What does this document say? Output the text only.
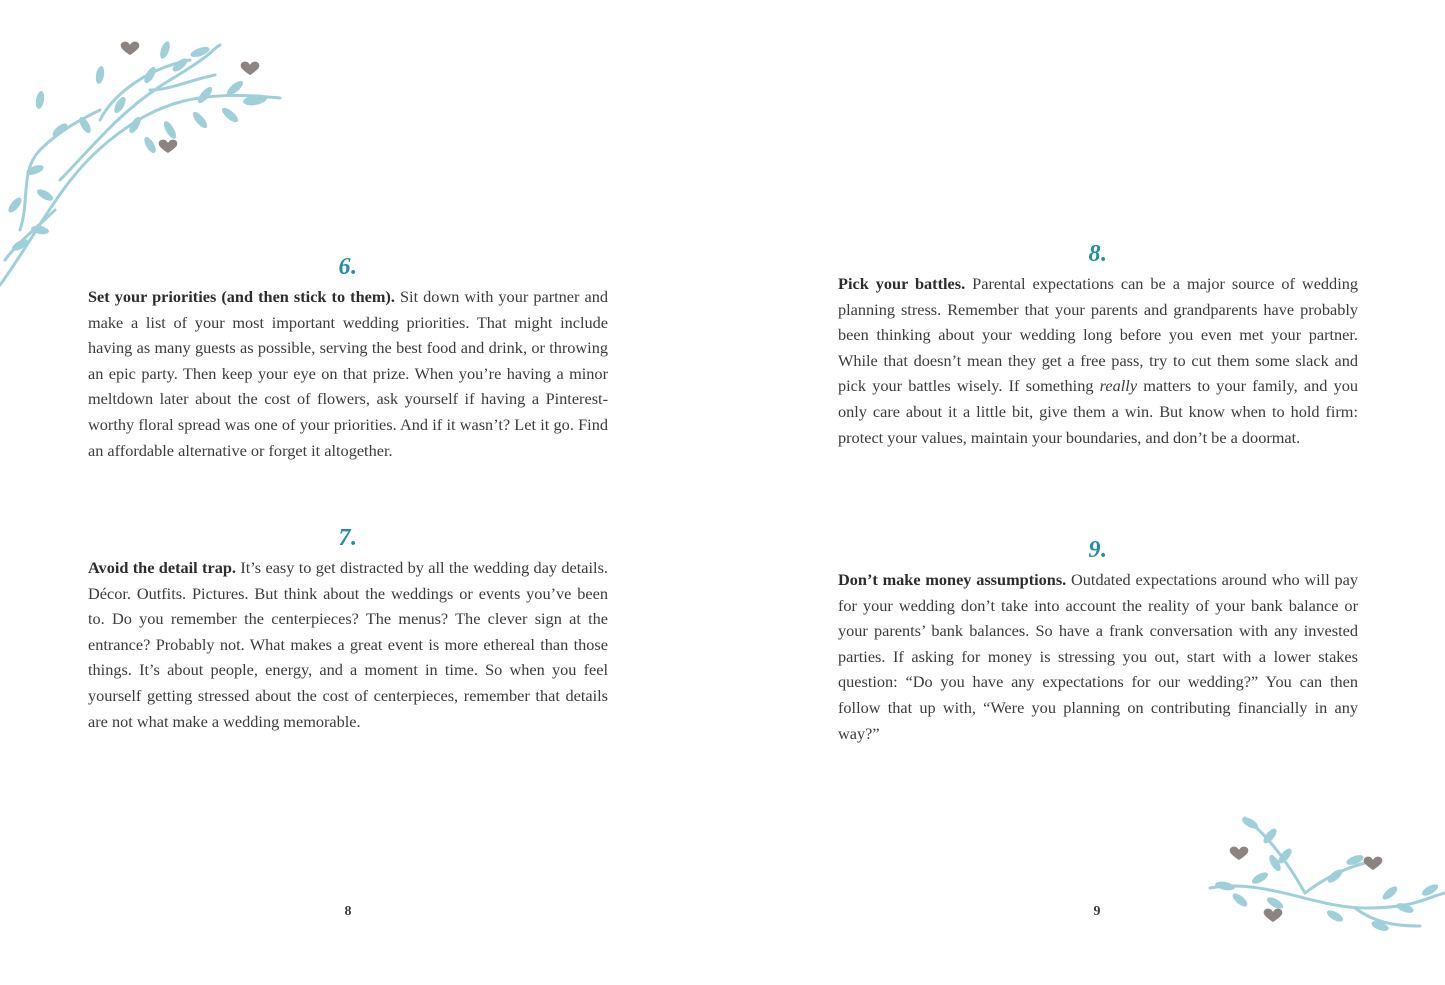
6.

Set your priorities (and then stick to them). Sit down with your partner and make a list of your most important wedding priorities. That might include having as many guests as possible, serving the best food and drink, or throwing an epic party. Then keep your eye on that prize. When you’re having a minor meltdown later about the cost of flowers, ask yourself if having a Pinterest-worthy floral spread was one of your priorities. And if it wasn’t? Let it go. Find an affordable alternative or forget it altogether.

7.

Avoid the detail trap. It’s easy to get distracted by all the wedding day details. Décor. Outfits. Pictures. But think about the weddings or events you’ve been to. Do you remember the centerpieces? The menus? The clever sign at the entrance? Probably not. What makes a great event is more ethereal than those things. It’s about people, energy, and a moment in time. So when you feel yourself getting stressed about the cost of centerpieces, remember that details are not what make a wedding memorable.

8
8.

Pick your battles. Parental expectations can be a major source of wedding planning stress. Remember that your parents and grandparents have probably been thinking about your wedding long before you even met your partner. While that doesn’t mean they get a free pass, try to cut them some slack and pick your battles wisely. If something really matters to your family, and you only care about it a little bit, give them a win. But know when to hold firm: protect your values, maintain your boundaries, and don’t be a doormat.

9.

Don’t make money assumptions. Outdated expectations around who will pay for your wedding don’t take into account the reality of your bank balance or your parents’ bank balances. So have a frank conversation with any invested parties. If asking for money is stressing you out, start with a lower stakes question: “Do you have any expectations for our wedding?” You can then follow that up with, “Were you planning on contributing financially in any way?”

9
